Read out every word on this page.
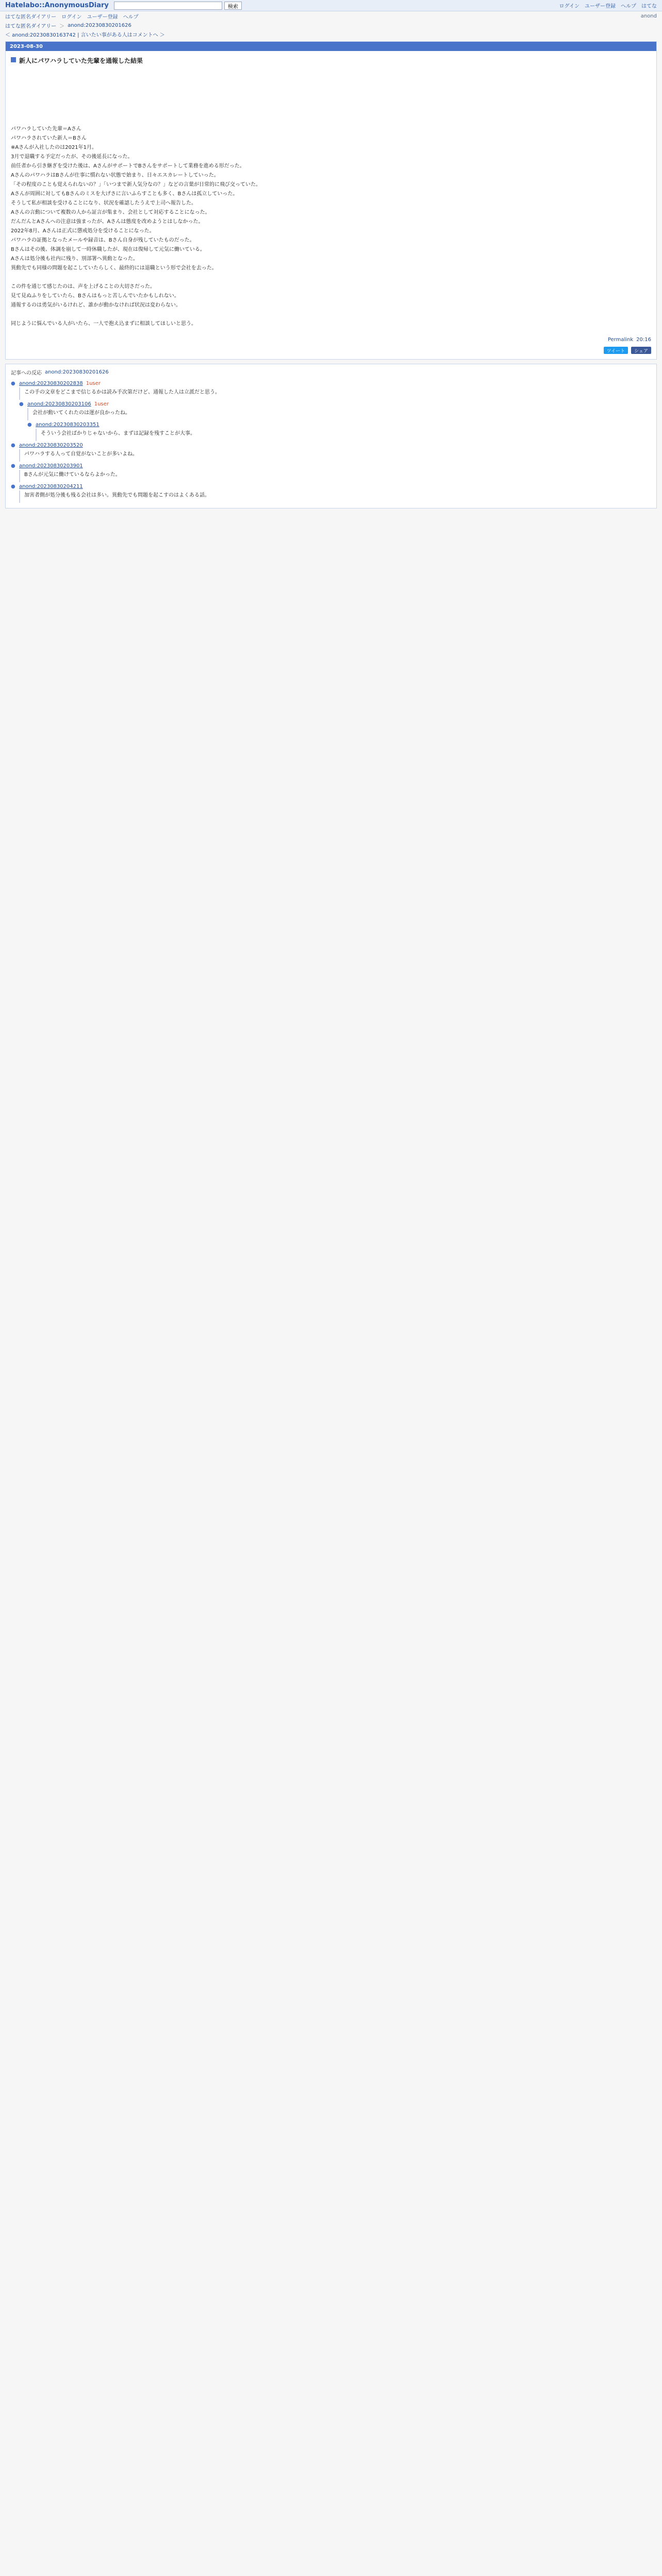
Hatelabo::AnonymousDiary	検索	ログイン ユーザー登録 ヘルプ はてな
はてな匿名ダイアリー ログイン ユーザー登録 ヘルプ	anond
はてな匿名ダイアリー ＞ anond:20230830201626
＜ anond:20230830163742 | 言いたい事がある人はコメントへ ＞
2023-08-30
新人にパワハラしていた先輩を通報した結果

パワハラしていた先輩＝Aさん

パワハラされていた新人＝Bさん

※Aさんが入社したのは2021年1月。

3月で退職する予定だったが、その後延長になった。

前任者から引き継ぎを受けた後は、AさんがサポートでBさんをサポートして業務を進める形だった。

AさんのパワハラはBさんが仕事に慣れない状態で始まり、日々エスカレートしていった。

「その程度のことも覚えられないの？」「いつまで新人気分なの？」などの言葉が日常的に飛び交っていた。

Aさんが周囲に対してもBさんのミスを大げさに言いふらすことも多く、Bさんは孤立していった。

そうして私が相談を受けることになり、状況を確認したうえで上司へ報告した。

Aさんの言動について複数の人から証言が集まり、会社として対応することになった。

だんだんとAさんへの注意は強まったが、Aさんは態度を改めようとはしなかった。

2022年8月、Aさんは正式に懲戒処分を受けることになった。

パワハラの証拠となったメールや録音は、Bさん自身が残していたものだった。

Bさんはその後、体調を崩して一時休職したが、現在は復帰して元気に働いている。

Aさんは処分後も社内に残り、別部署へ異動となった。

異動先でも同様の問題を起こしていたらしく、最終的には退職という形で会社を去った。

この件を通じて感じたのは、声を上げることの大切さだった。

見て見ぬふりをしていたら、Bさんはもっと苦しんでいたかもしれない。

通報するのは勇気がいるけれど、誰かが動かなければ状況は変わらない。

同じように悩んでいる人がいたら、一人で抱え込まずに相談してほしいと思う。

Permalink 20:16
ツイート	シェア
記事への反応 anond:20230830201626
● anond:20230830202838 1user
この手の文章をどこまで信じるかは読み手次第だけど、通報した人は立派だと思う。
● anond:20230830203106 1user
会社が動いてくれたのは運が良かったね。
● anond:20230830203351
そういう会社ばかりじゃないから、まずは記録を残すことが大事。
● anond:20230830203520
パワハラする人って自覚がないことが多いよね。
● anond:20230830203901
Bさんが元気に働けているならよかった。
● anond:20230830204211
加害者側が処分後も残る会社は多い。異動先でも問題を起こすのはよくある話。
